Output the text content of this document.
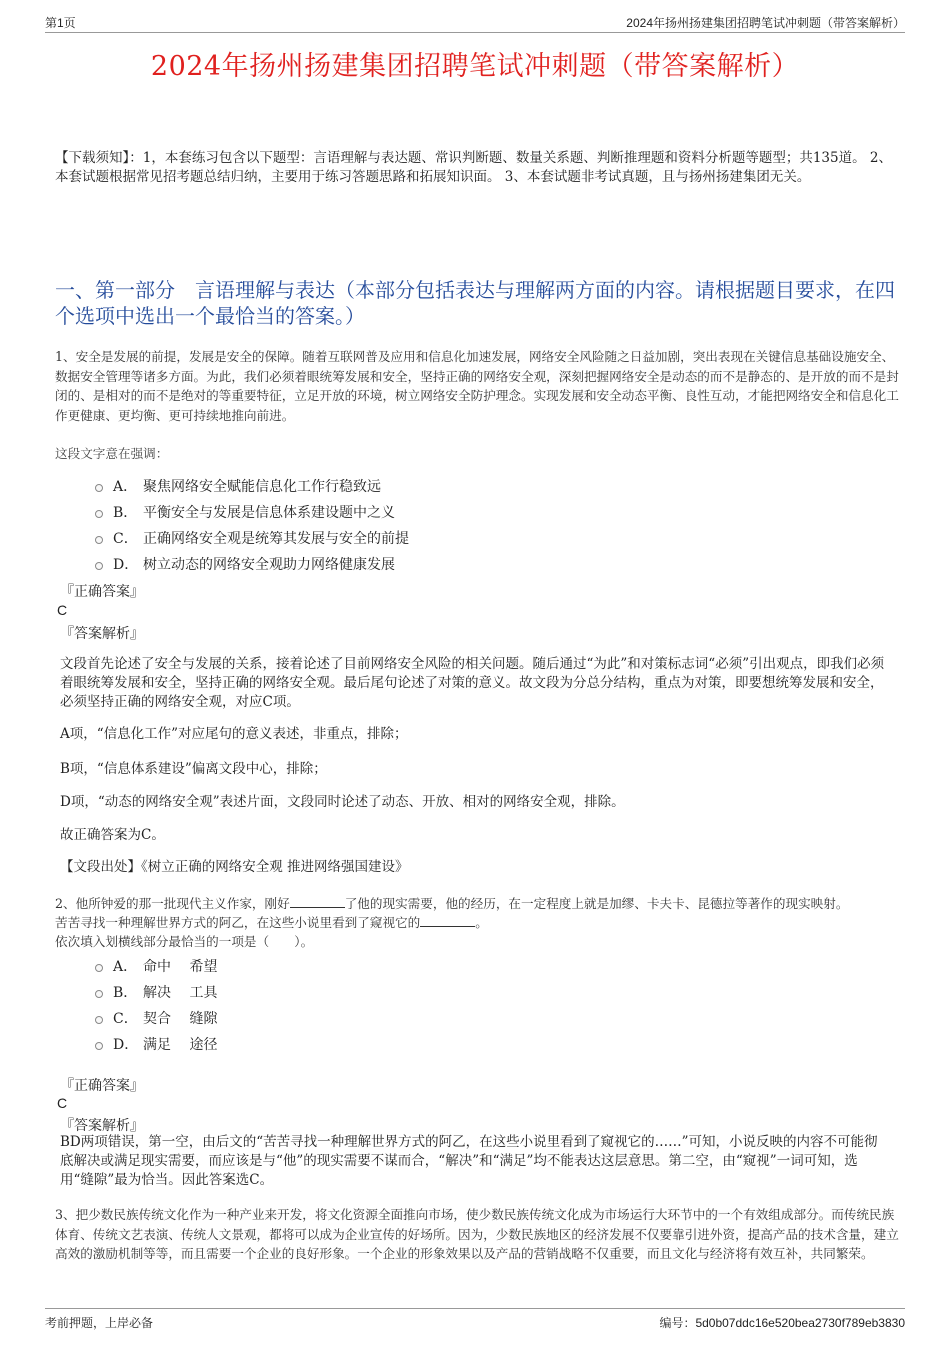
第1页	2024年扬州扬建集团招聘笔试冲刺题（带答案解析）
2024年扬州扬建集团招聘笔试冲刺题（带答案解析）
【下载须知】：1，本套练习包含以下题型：言语理解与表达题、常识判断题、数量关系题、判断推理题和资料分析题等题型；共135道。 2、本套试题根据常见招考题总结归纳，主要用于练习答题思路和拓展知识面。 3、本套试题非考试真题，且与扬州扬建集团无关。
一、第一部分　言语理解与表达（本部分包括表达与理解两方面的内容。请根据题目要求，在四个选项中选出一个最恰当的答案。）
1、安全是发展的前提，发展是安全的保障。随着互联网普及应用和信息化加速发展，网络安全风险随之日益加剧，突出表现在关键信息基础设施安全、数据安全管理等诸多方面。为此，我们必须着眼统筹发展和安全，坚持正确的网络安全观，深刻把握网络安全是动态的而不是静态的、是开放的而不是封闭的、是相对的而不是绝对的等重要特征，立足开放的环境，树立网络安全防护理念。实现发展和安全动态平衡、良性互动，才能把网络安全和信息化工作更健康、更均衡、更可持续地推向前进。
这段文字意在强调：
A． 聚焦网络安全赋能信息化工作行稳致远
B． 平衡安全与发展是信息体系建设题中之义
C． 正确网络安全观是统筹其发展与安全的前提
D． 树立动态的网络安全观助力网络健康发展
『正确答案』
C
『答案解析』
文段首先论述了安全与发展的关系，接着论述了目前网络安全风险的相关问题。随后通过“为此”和对策标志词“必须”引出观点，即我们必须着眼统筹发展和安全，坚持正确的网络安全观。最后尾句论述了对策的意义。故文段为分总分结构，重点为对策，即要想统筹发展和安全，必须坚持正确的网络安全观，对应C项。
A项，“信息化工作”对应尾句的意义表述，非重点，排除；
B项，“信息体系建设”偏离文段中心，排除；
D项，“动态的网络安全观”表述片面，文段同时论述了动态、开放、相对的网络安全观，排除。
故正确答案为C。
【文段出处】《树立正确的网络安全观 推进网络强国建设》
2、他所钟爱的那一批现代主义作家，刚好	了他的现实需要，他的经历，在一定程度上就是加缪、卡夫卡、昆德拉等著作的现实映射。
苦苦寻找一种理解世界方式的阿乙，在这些小说里看到了窥视它的	。
依次填入划横线部分最恰当的一项是（　　）。
A． 命中　 希望
B． 解决　 工具
C． 契合　 缝隙
D． 满足　 途径
『正确答案』
C
『答案解析』
BD两项错误，第一空，由后文的“苦苦寻找一种理解世界方式的阿乙，在这些小说里看到了窥视它的……”可知，小说反映的内容不可能彻底解决或满足现实需要，而应该是与“他”的现实需要不谋而合，“解决”和“满足”均不能表达这层意思。第二空，由“窥视”一词可知，选用“缝隙”最为恰当。因此答案选C。
3、把少数民族传统文化作为一种产业来开发，将文化资源全面推向市场，使少数民族传统文化成为市场运行大环节中的一个有效组成部分。而传统民族体育、传统文艺表演、传统人文景观，都将可以成为企业宣传的好场所。因为，少数民族地区的经济发展不仅要靠引进外资，提高产品的技术含量，建立高效的激励机制等等，而且需要一个企业的良好形象。一个企业的形象效果以及产品的营销战略不仅重要，而且文化与经济将有效互补，共同繁荣。
考前押题，上岸必备	编号：5d0b07ddc16e520bea2730f789eb3830
